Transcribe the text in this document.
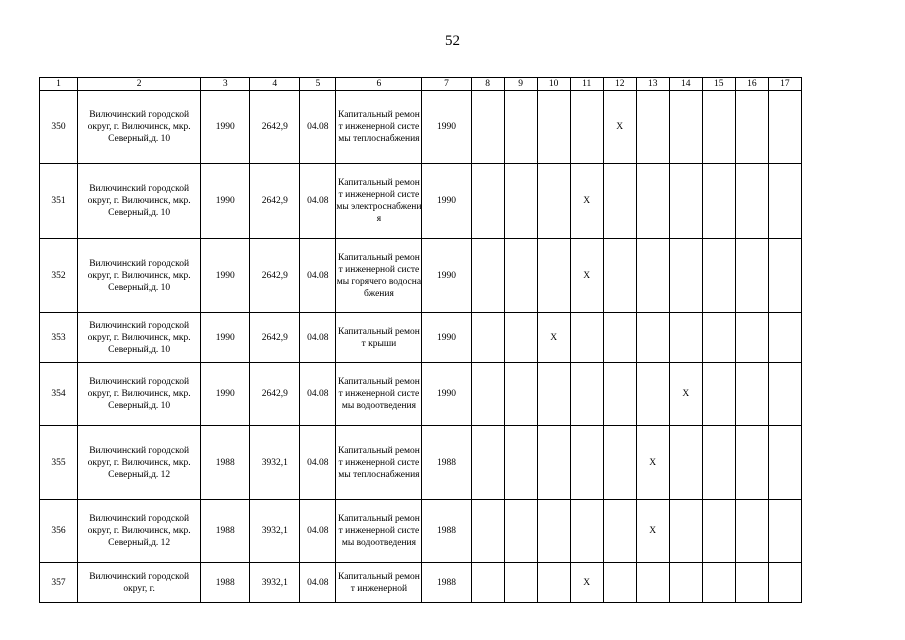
52
1	2	3	4	5	6	7	8	9	10	11	12	13	14	15	16	17
350	Вилючинский городской округ, г. Вилючинск, мкр. Северный,д. 10	1990	2642,9	04.08	Капитальный ремонт инженерной системы теплоснабжения	1990					X					
351	Вилючинский городской округ, г. Вилючинск, мкр. Северный,д. 10	1990	2642,9	04.08	Капитальный ремонт инженерной системы электроснабжения	1990				X						
352	Вилючинский городской округ, г. Вилючинск, мкр. Северный,д. 10	1990	2642,9	04.08	Капитальный ремонт инженерной системы горячего водоснабжения	1990				X						
353	Вилючинский городской округ, г. Вилючинск, мкр. Северный,д. 10	1990	2642,9	04.08	Капитальный ремонт крыши	1990			X							
354	Вилючинский городской округ, г. Вилючинск, мкр. Северный,д. 10	1990	2642,9	04.08	Капитальный ремонт инженерной системы водоотведения	1990							X			
355	Вилючинский городской округ, г. Вилючинск, мкр. Северный,д. 12	1988	3932,1	04.08	Капитальный ремонт инженерной системы теплоснабжения	1988						X				
356	Вилючинский городской округ, г. Вилючинск, мкр. Северный,д. 12	1988	3932,1	04.08	Капитальный ремонт инженерной системы водоотведения	1988						X				
357	Вилючинский городской округ, г.	1988	3932,1	04.08	Капитальный ремонт инженерной	1988				X						
